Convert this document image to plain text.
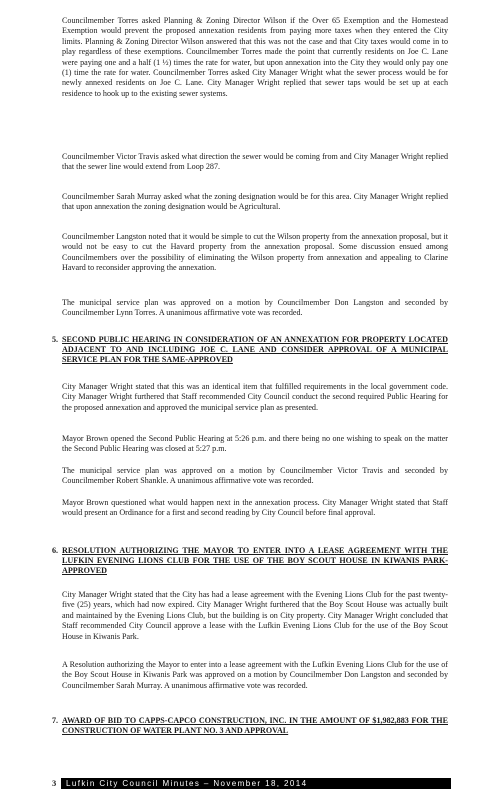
Councilmember Torres asked Planning & Zoning Director Wilson if the Over 65 Exemption and the Homestead Exemption would prevent the proposed annexation residents from paying more taxes when they entered the City limits. Planning & Zoning Director Wilson answered that this was not the case and that City taxes would come in to play regardless of these exemptions. Councilmember Torres made the point that currently residents on Joe C. Lane were paying one and a half (1 ½) times the rate for water, but upon annexation into the City they would only pay one (1) time the rate for water. Councilmember Torres asked City Manager Wright what the sewer process would be for newly annexed residents on Joe C. Lane. City Manager Wright replied that sewer taps would be set up at each residence to hook up to the existing sewer systems.

Councilmember Victor Travis asked what direction the sewer would be coming from and City Manager Wright replied that the sewer line would extend from Loop 287.

Councilmember Sarah Murray asked what the zoning designation would be for this area. City Manager Wright replied that upon annexation the zoning designation would be Agricultural.

Councilmember Langston noted that it would be simple to cut the Wilson property from the annexation proposal, but it would not be easy to cut the Havard property from the annexation proposal. Some discussion ensued among Councilmembers over the possibility of eliminating the Wilson property from annexation and appealing to Clarine Havard to reconsider approving the annexation.

The municipal service plan was approved on a motion by Councilmember Don Langston and seconded by Councilmember Lynn Torres. A unanimous affirmative vote was recorded.

5. SECOND PUBLIC HEARING IN CONSIDERATION OF AN ANNEXATION FOR PROPERTY LOCATED ADJACENT TO AND INCLUDING JOE C. LANE AND CONSIDER APPROVAL OF A MUNICIPAL SERVICE PLAN FOR THE SAME-APPROVED

City Manager Wright stated that this was an identical item that fulfilled requirements in the local government code. City Manager Wright furthered that Staff recommended City Council conduct the second required Public Hearing for the proposed annexation and approved the municipal service plan as presented.

Mayor Brown opened the Second Public Hearing at 5:26 p.m. and there being no one wishing to speak on the matter the Second Public Hearing was closed at 5:27 p.m.

The municipal service plan was approved on a motion by Councilmember Victor Travis and seconded by Councilmember Robert Shankle. A unanimous affirmative vote was recorded.

Mayor Brown questioned what would happen next in the annexation process. City Manager Wright stated that Staff would present an Ordinance for a first and second reading by City Council before final approval.

6. RESOLUTION AUTHORIZING THE MAYOR TO ENTER INTO A LEASE AGREEMENT WITH THE LUFKIN EVENING LIONS CLUB FOR THE USE OF THE BOY SCOUT HOUSE IN KIWANIS PARK-APPROVED

City Manager Wright stated that the City has had a lease agreement with the Evening Lions Club for the past twenty-five (25) years, which had now expired. City Manager Wright furthered that the Boy Scout House was actually built and maintained by the Evening Lions Club, but the building is on City property. City Manager Wright concluded that Staff recommended City Council approve a lease with the Lufkin Evening Lions Club for the use of the Boy Scout House in Kiwanis Park.

A Resolution authorizing the Mayor to enter into a lease agreement with the Lufkin Evening Lions Club for the use of the Boy Scout House in Kiwanis Park was approved on a motion by Councilmember Don Langston and seconded by Councilmember Sarah Murray. A unanimous affirmative vote was recorded.

7. AWARD OF BID TO CAPPS-CAPCO CONSTRUCTION, INC. IN THE AMOUNT OF $1,982,883 FOR THE CONSTRUCTION OF WATER PLANT NO. 3 AND APPROVAL
3 Lufkin City Council Minutes – November 18, 2014
